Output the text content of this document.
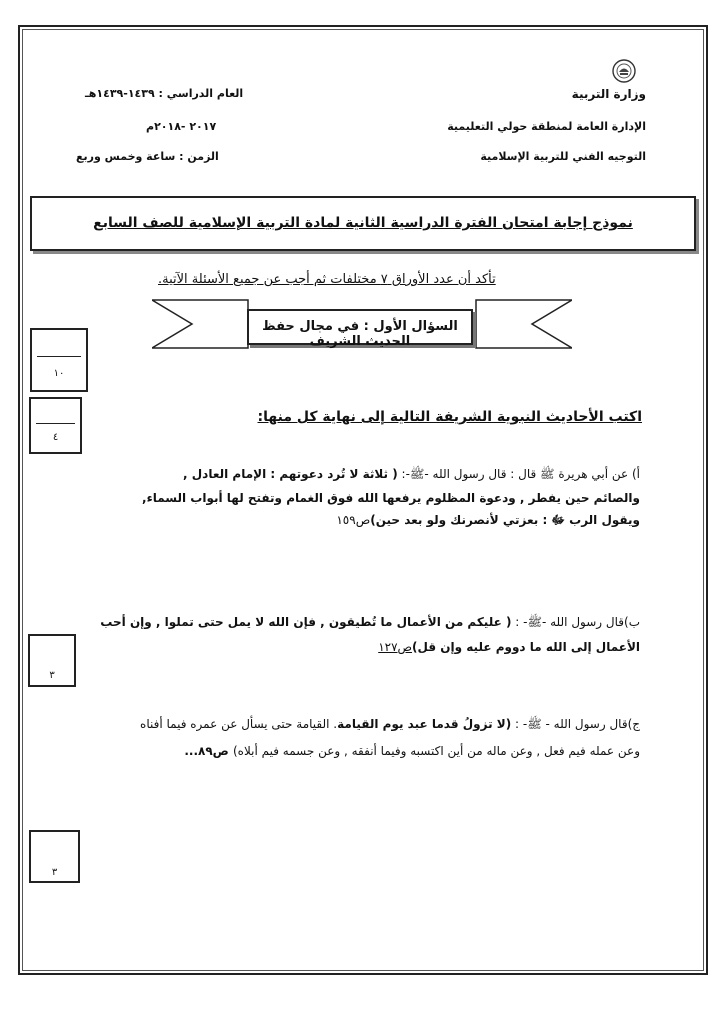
وزارة التربية
الإدارة العامة لمنطقة حولي التعليمية
التوجيه الفني للتربية الإسلامية
العام الدراسي : ١٤٣٩-١٤٣٩هـ
٢٠١٧ -٢٠١٨م
الزمن : ساعة وخمس وربع
نموذج إجابة امتحان الفترة الدراسية الثانية لمادة التربية الإسلامية للصف السابع
تأكد أن عدد الأوراق ٧ مختلفات ثم أجب عن جميع الأسئلة الآتية.
السؤال الأول : في مجال حفظ الحديث الشريف
١٠
٤
اكتب الأحاديث النبوية الشريفة التالية إلى نهاية كل منها:
أ) عن أبي هريرة ﷺ قال : قال رسول الله -ﷺ-: ( ثلاثة لا تُرد دعوتهم : الإمام العادل ,
والصائم حين يفطر , ودعوة المظلوم يرفعها الله فوق الغمام وتفتح لها أبواب السماء,
ويقول الرب ﷻ : بعزتي لأنصرنك ولو بعد حين)ص١٥٩
ب)قال رسول الله -ﷺ- : ( عليكم من الأعمال ما تُطيقون , فإن الله لا يمل حتى تملوا , وإن أحب
الأعمال إلى الله ما دووم عليه وإن قل)ص١٢٧
٣
ج)قال رسول الله - ﷺ- : (لا تزولُ قدما عبد يوم القيامة. القيامة حتى يسأل عن عمره فيما أفناه
وعن عمله فيم فعل , وعن ماله من أين اكتسبه وفيما أنفقه , وعن جسمه فيم أبلاه) ص٨٩...
٣
